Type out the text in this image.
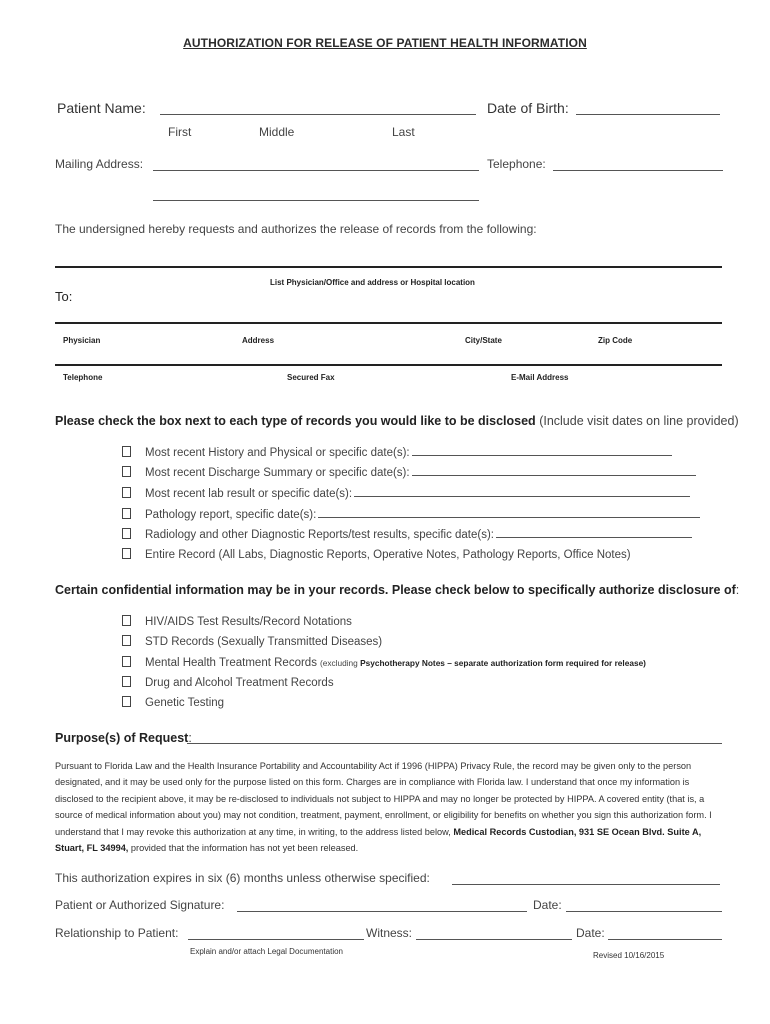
AUTHORIZATION FOR RELEASE OF PATIENT HEALTH INFORMATION
Patient Name:	Date of Birth:
First	Middle	Last
Mailing Address:	Telephone:
The undersigned hereby requests and authorizes the release of records from the following:
List Physician/Office and address or Hospital location
To:
Physician	Address	City/State	Zip Code
Telephone	Secured Fax	E-Mail Address
Please check the box next to each type of records you would like to be disclosed (Include visit dates on line provided)
Most recent History and Physical or specific date(s):
Most recent Discharge Summary or specific date(s):
Most recent lab result or specific date(s):
Pathology report, specific date(s):
Radiology and other Diagnostic Reports/test results, specific date(s):
Entire Record (All Labs, Diagnostic Reports, Operative Notes, Pathology Reports, Office Notes)
Certain confidential information may be in your records. Please check below to specifically authorize disclosure of:
HIV/AIDS Test Results/Record Notations
STD Records (Sexually Transmitted Diseases)
Mental Health Treatment Records (excluding Psychotherapy Notes – separate authorization form required for release)
Drug and Alcohol Treatment Records
Genetic Testing
Purpose(s) of Request:
Pursuant to Florida Law and the Health Insurance Portability and Accountability Act if 1996 (HIPPA) Privacy Rule, the record may be given only to the person designated, and it may be used only for the purpose listed on this form. Charges are in compliance with Florida law. I understand that once my information is disclosed to the recipient above, it may be re-disclosed to individuals not subject to HIPPA and may no longer be protected by HIPPA. A covered entity (that is, a source of medical information about you) may not condition, treatment, payment, enrollment, or eligibility for benefits on whether you sign this authorization form. I understand that I may revoke this authorization at any time, in writing, to the address listed below, Medical Records Custodian, 931 SE Ocean Blvd. Suite A, Stuart, FL 34994, provided that the information has not yet been released.
This authorization expires in six (6) months unless otherwise specified:
Patient or Authorized Signature:	Date:
Relationship to Patient:	Witness:	Date:
Explain and/or attach Legal Documentation	Revised 10/16/2015
